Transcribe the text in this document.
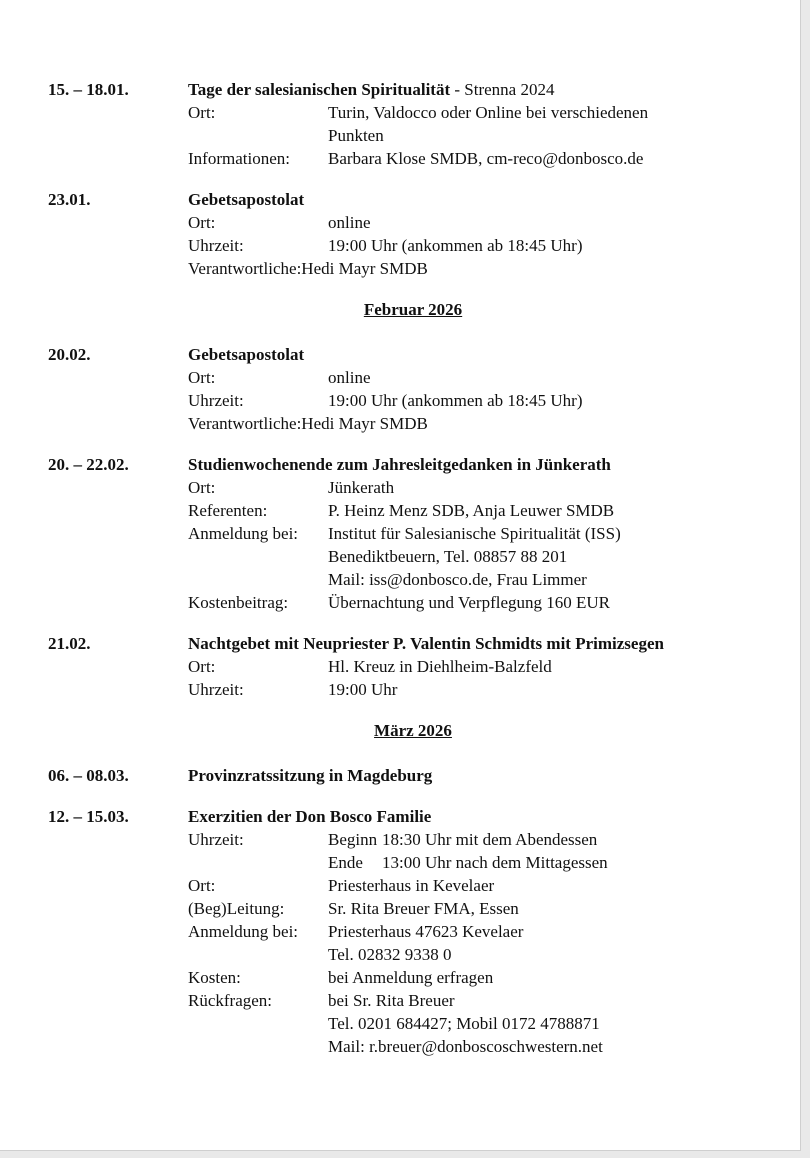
15. – 18.01.	Tage der salesianischen Spiritualität - Strenna 2024
Ort:	Turin, Valdocco oder Online bei verschiedenen
Punkten
Informationen:	Barbara Klose SMDB, cm-reco@donbosco.de
23.01.	Gebetsapostolat
Ort:	online
Uhrzeit:	19:00 Uhr (ankommen ab 18:45 Uhr)
Verantwortliche: Hedi Mayr SMDB
Februar 2026
20.02.	Gebetsapostolat
Ort:	online
Uhrzeit:	19:00 Uhr (ankommen ab 18:45 Uhr)
Verantwortliche: Hedi Mayr SMDB
20. – 22.02.	Studienwochenende zum Jahresleitgedanken in Jünkerath
Ort:	Jünkerath
Referenten:	P. Heinz Menz SDB, Anja Leuwer SMDB
Anmeldung bei:	Institut für Salesianische Spiritualität (ISS)
Benediktbeuern, Tel. 08857 88 201
Mail: iss@donbosco.de, Frau Limmer
Kostenbeitrag:	Übernachtung und Verpflegung 160 EUR
21.02.	Nachtgebet mit Neupriester P. Valentin Schmidts mit Primizsegen
Ort:	Hl. Kreuz in Diehlheim-Balzfeld
Uhrzeit:	19:00 Uhr
März 2026
06. – 08.03.	Provinzratssitzung in Magdeburg
12. – 15.03.	Exerzitien der Don Bosco Familie
Uhrzeit:	Beginn 18:30 Uhr mit dem Abendessen
Ende 13:00 Uhr nach dem Mittagessen
Ort:	Priesterhaus in Kevelaer
(Beg)Leitung:	Sr. Rita Breuer FMA, Essen
Anmeldung bei:	Priesterhaus 47623 Kevelaer
Tel. 02832 9338 0
Kosten:	bei Anmeldung erfragen
Rückfragen:	bei Sr. Rita Breuer
Tel. 0201 684427; Mobil 0172 4788871
Mail: r.breuer@donboscoschwestern.net
